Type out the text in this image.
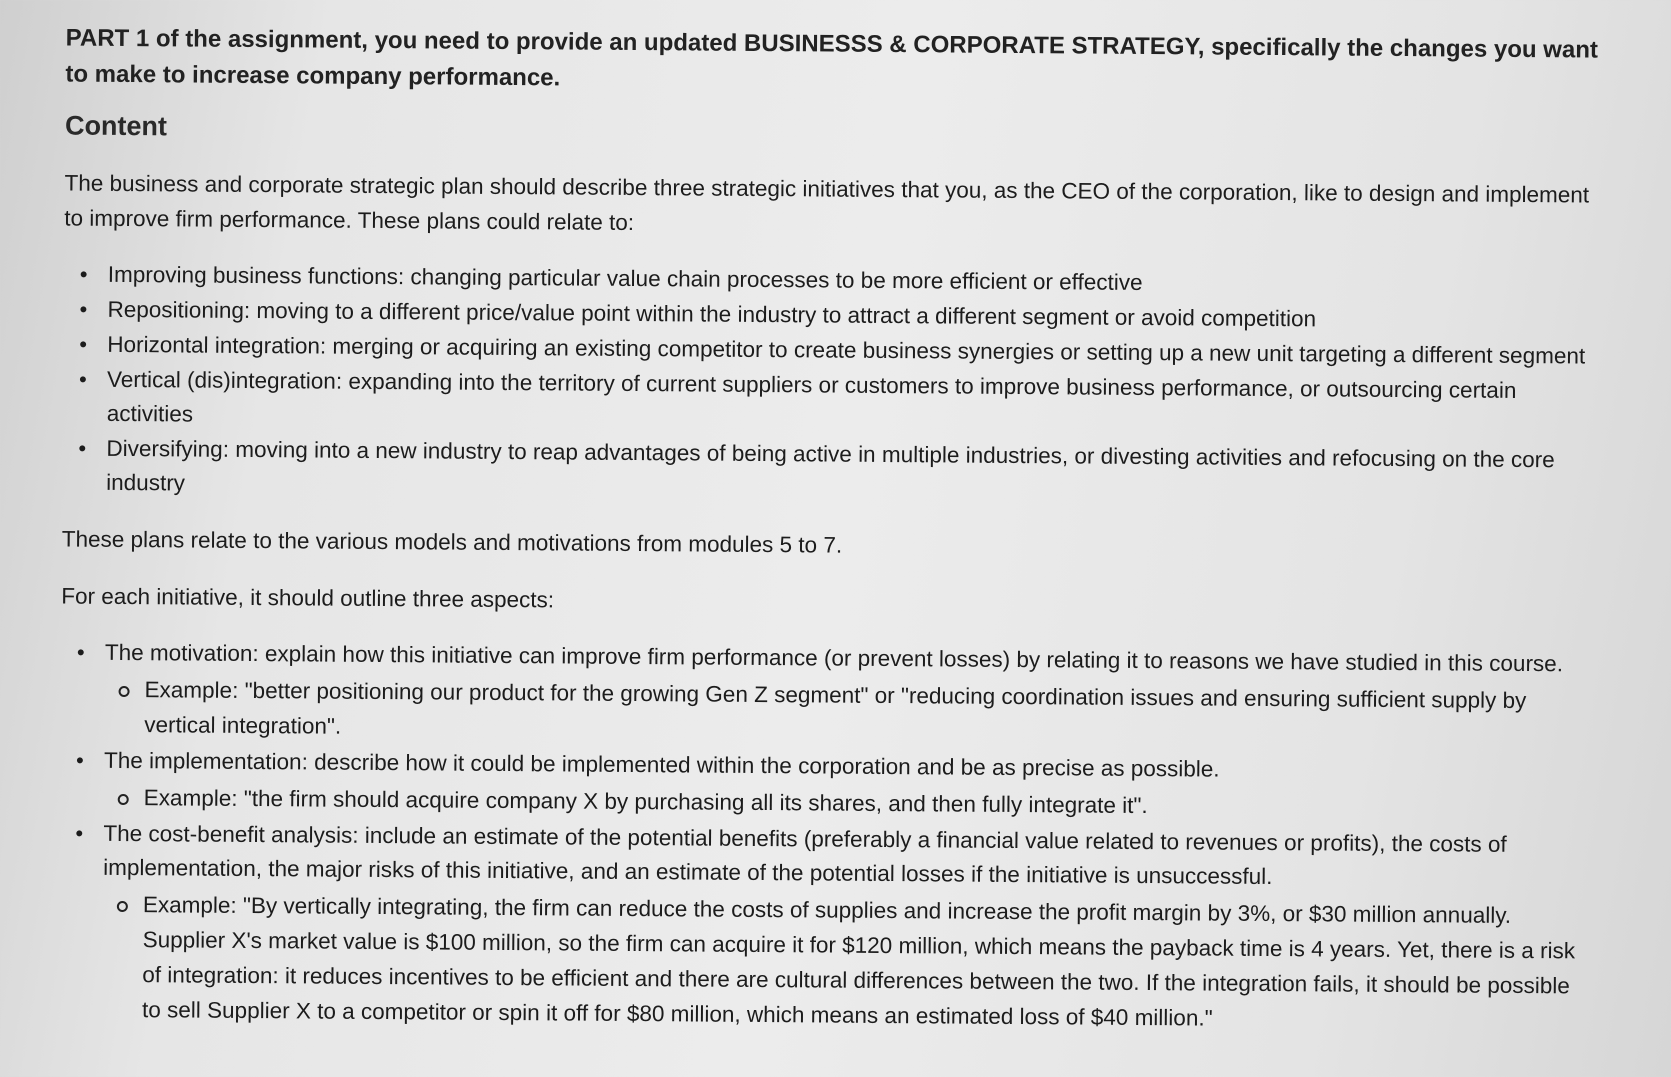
PART 1 of the assignment, you need to provide an updated BUSINESSS & CORPORATE STRATEGY, specifically the changes you want to make to increase company performance.
Content

The business and corporate strategic plan should describe three strategic initiatives that you, as the CEO of the corporation, like to design and implement to improve firm performance. These plans could relate to:

• Improving business functions: changing particular value chain processes to be more efficient or effective
• Repositioning: moving to a different price/value point within the industry to attract a different segment or avoid competition
• Horizontal integration: merging or acquiring an existing competitor to create business synergies or setting up a new unit targeting a different segment
• Vertical (dis)integration: expanding into the territory of current suppliers or customers to improve business performance, or outsourcing certain activities
• Diversifying: moving into a new industry to reap advantages of being active in multiple industries, or divesting activities and refocusing on the core industry

These plans relate to the various models and motivations from modules 5 to 7.

For each initiative, it should outline three aspects:

• The motivation: explain how this initiative can improve firm performance (or prevent losses) by relating it to reasons we have studied in this course.
Example: "better positioning our product for the growing Gen Z segment" or "reducing coordination issues and ensuring sufficient supply by vertical integration".
• The implementation: describe how it could be implemented within the corporation and be as precise as possible.
Example: "the firm should acquire company X by purchasing all its shares, and then fully integrate it".
• The cost-benefit analysis: include an estimate of the potential benefits (preferably a financial value related to revenues or profits), the costs of implementation, the major risks of this initiative, and an estimate of the potential losses if the initiative is unsuccessful.
Example: "By vertically integrating, the firm can reduce the costs of supplies and increase the profit margin by 3%, or $30 million annually. Supplier X's market value is $100 million, so the firm can acquire it for $120 million, which means the payback time is 4 years. Yet, there is a risk of integration: it reduces incentives to be efficient and there are cultural differences between the two. If the integration fails, it should be possible to sell Supplier X to a competitor or spin it off for $80 million, which means an estimated loss of $40 million."
